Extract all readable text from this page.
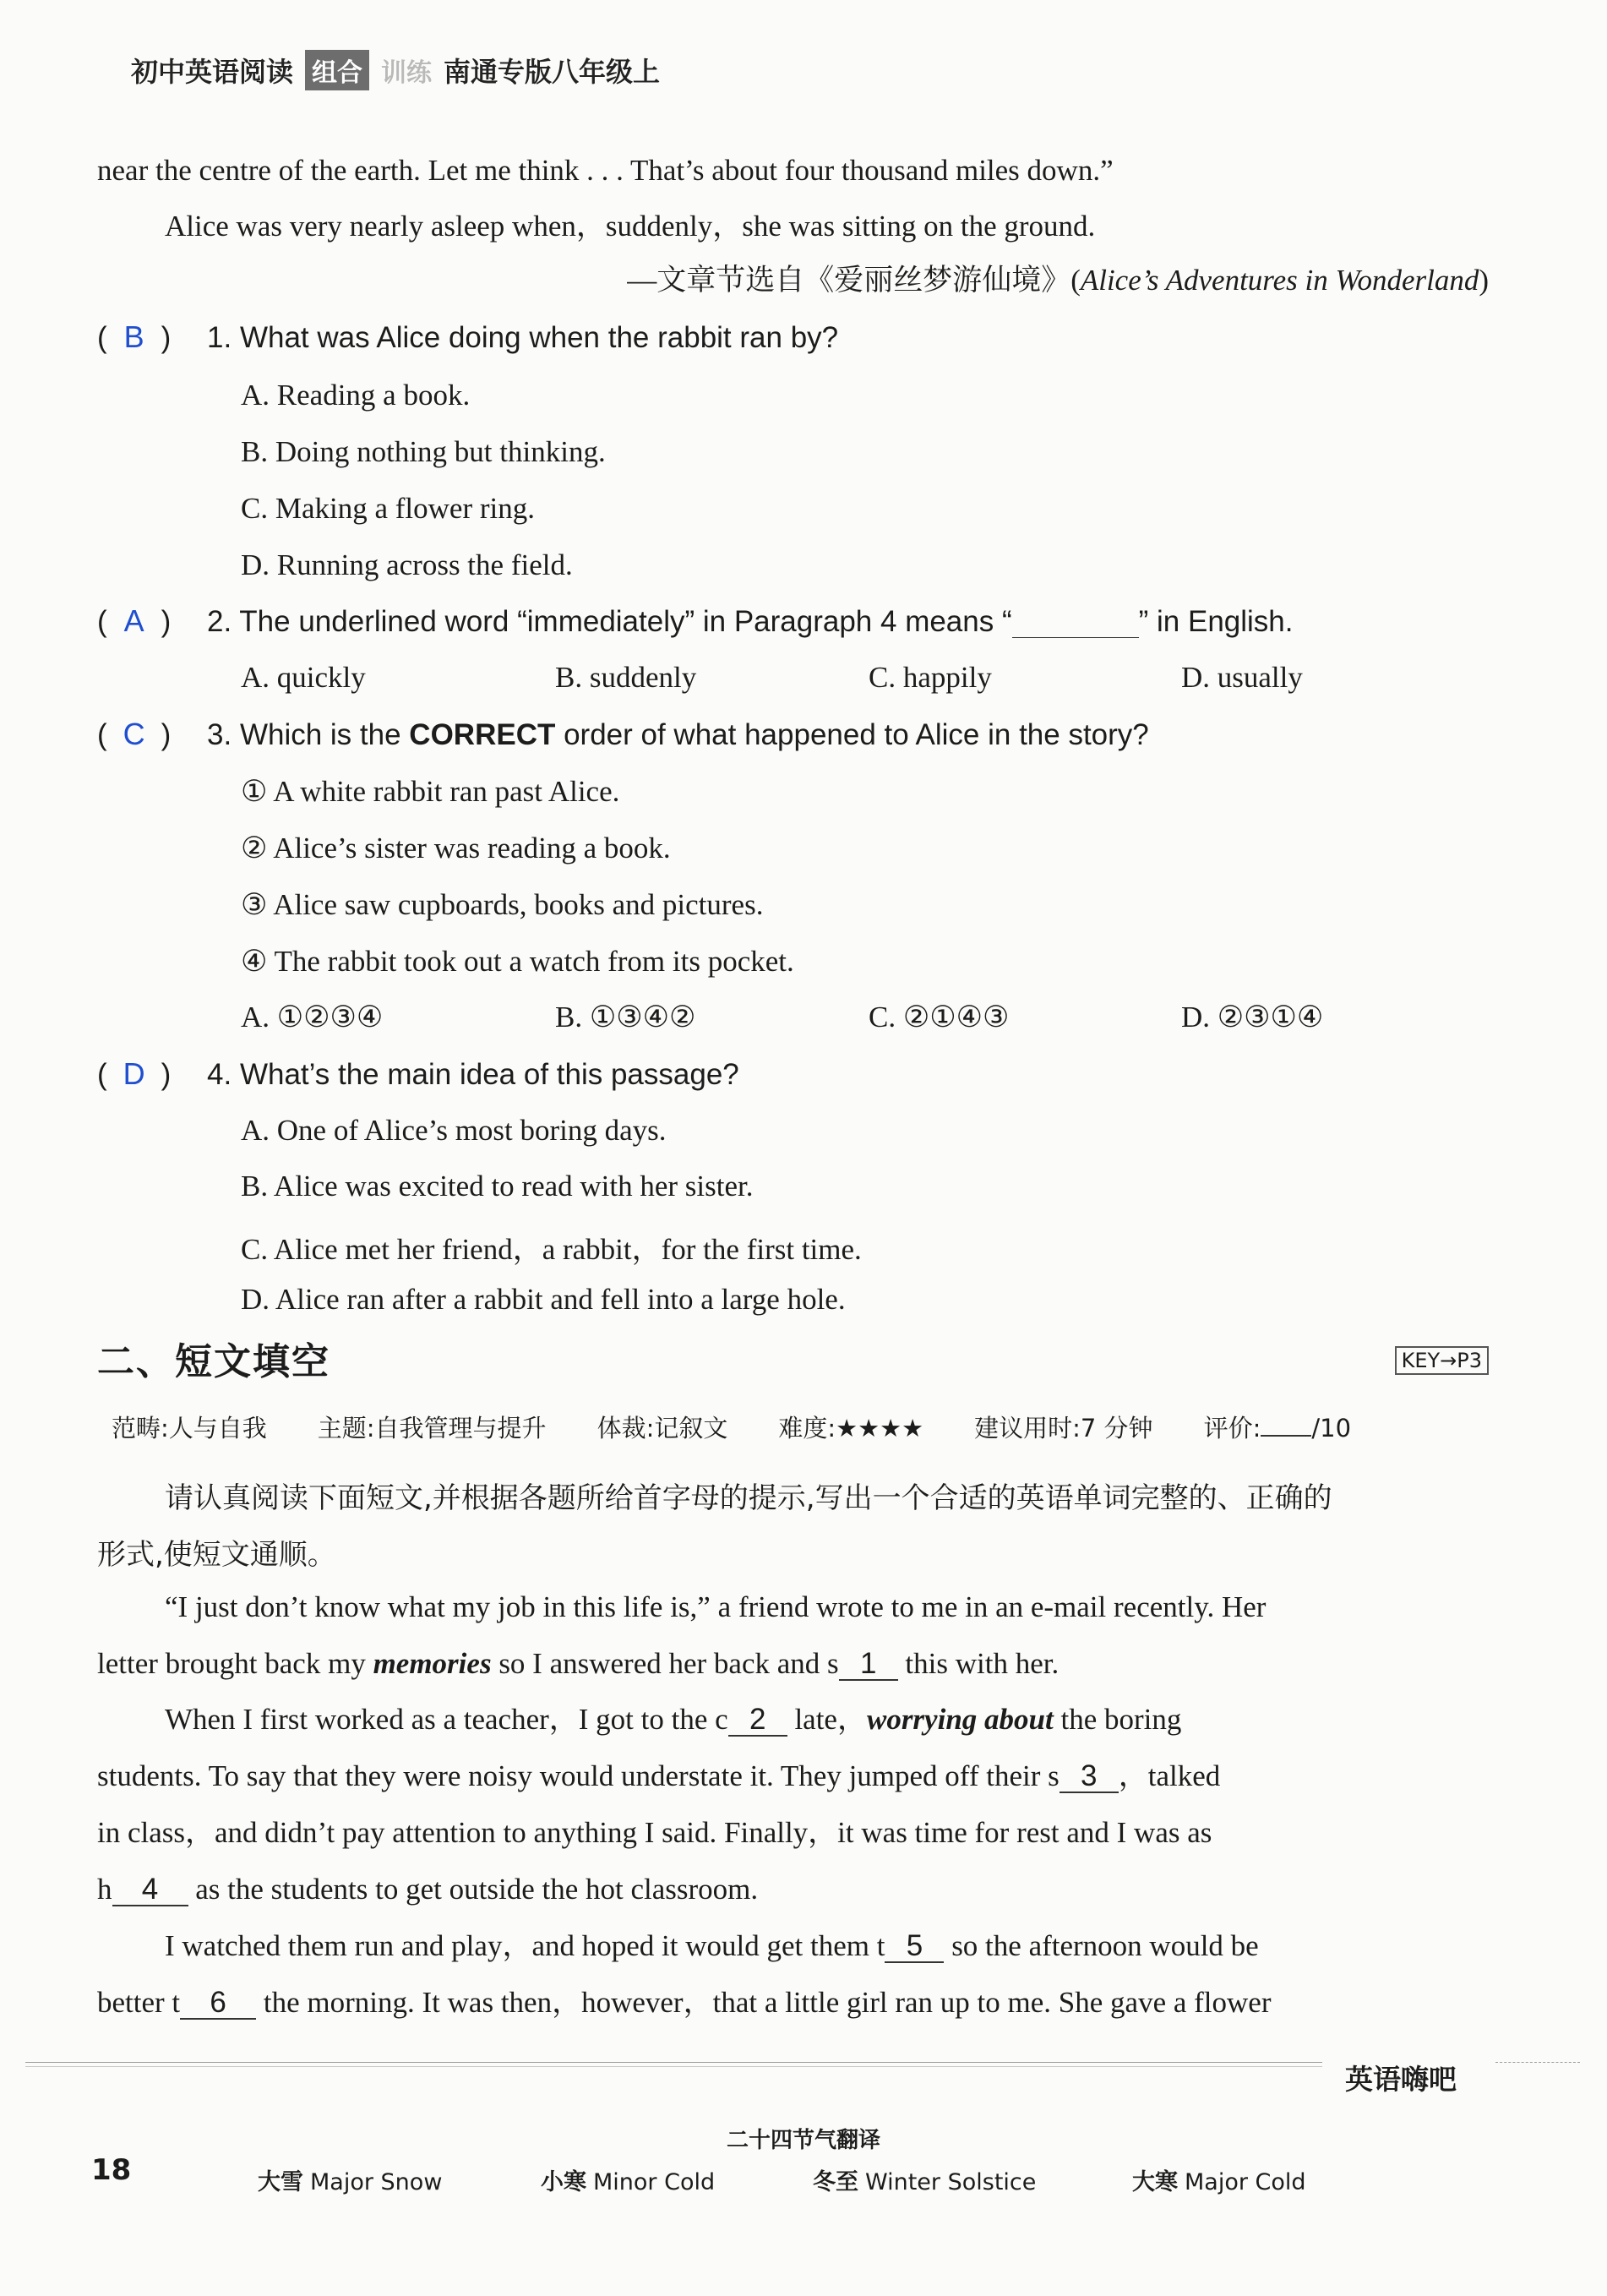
初中英语阅读 组合 训练 南通专版八年级上
near the centre of the earth. Let me think . . . That’s about four thousand miles down.”
Alice was very nearly asleep when，suddenly，she was sitting on the ground.
—文章节选自《爱丽丝梦游仙境》(Alice’s Adventures in Wonderland)
( B ) 1. What was Alice doing when the rabbit ran by?
A. Reading a book.
B. Doing nothing but thinking.
C. Making a flower ring.
D. Running across the field.
( A ) 2. The underlined word “immediately” in Paragraph 4 means “	” in English.
A. quickly	B. suddenly	C. happily	D. usually
( C ) 3. Which is the CORRECT order of what happened to Alice in the story?
① A white rabbit ran past Alice.
② Alice’s sister was reading a book.
③ Alice saw cupboards, books and pictures.
④ The rabbit took out a watch from its pocket.
A. ①②③④	B. ①③④②	C. ②①④③	D. ②③①④
( D ) 4. What’s the main idea of this passage?
A. One of Alice’s most boring days.
B. Alice was excited to read with her sister.
C. Alice met her friend，a rabbit，for the first time.
D. Alice ran after a rabbit and fell into a large hole.
二、短文填空	KEY→P3
范畴:人与自我 主题:自我管理与提升 体裁:记叙文 难度:★★★★ 建议用时:7 分钟 评价: /10
请认真阅读下面短文,并根据各题所给首字母的提示,写出一个合适的英语单词完整的、正确的
形式,使短文通顺。
“I just don’t know what my job in this life is,” a friend wrote to me in an e-mail recently. Her
letter brought back my memories so I answered her back and s 1 this with her.
When I first worked as a teacher，I got to the c 2 late，worrying about the boring
students. To say that they were noisy would understate it. They jumped off their s 3 ，talked
in class，and didn’t pay attention to anything I said. Finally，it was time for rest and I was as
h 4 as the students to get outside the hot classroom.
I watched them run and play，and hoped it would get them t 5 so the afternoon would be
better t 6 the morning. It was then，however，that a little girl ran up to me. She gave a flower
英语嗨吧
二十四节气翻译
18	大雪 Major Snow	小寒 Minor Cold	冬至 Winter Solstice	大寒 Major Cold
